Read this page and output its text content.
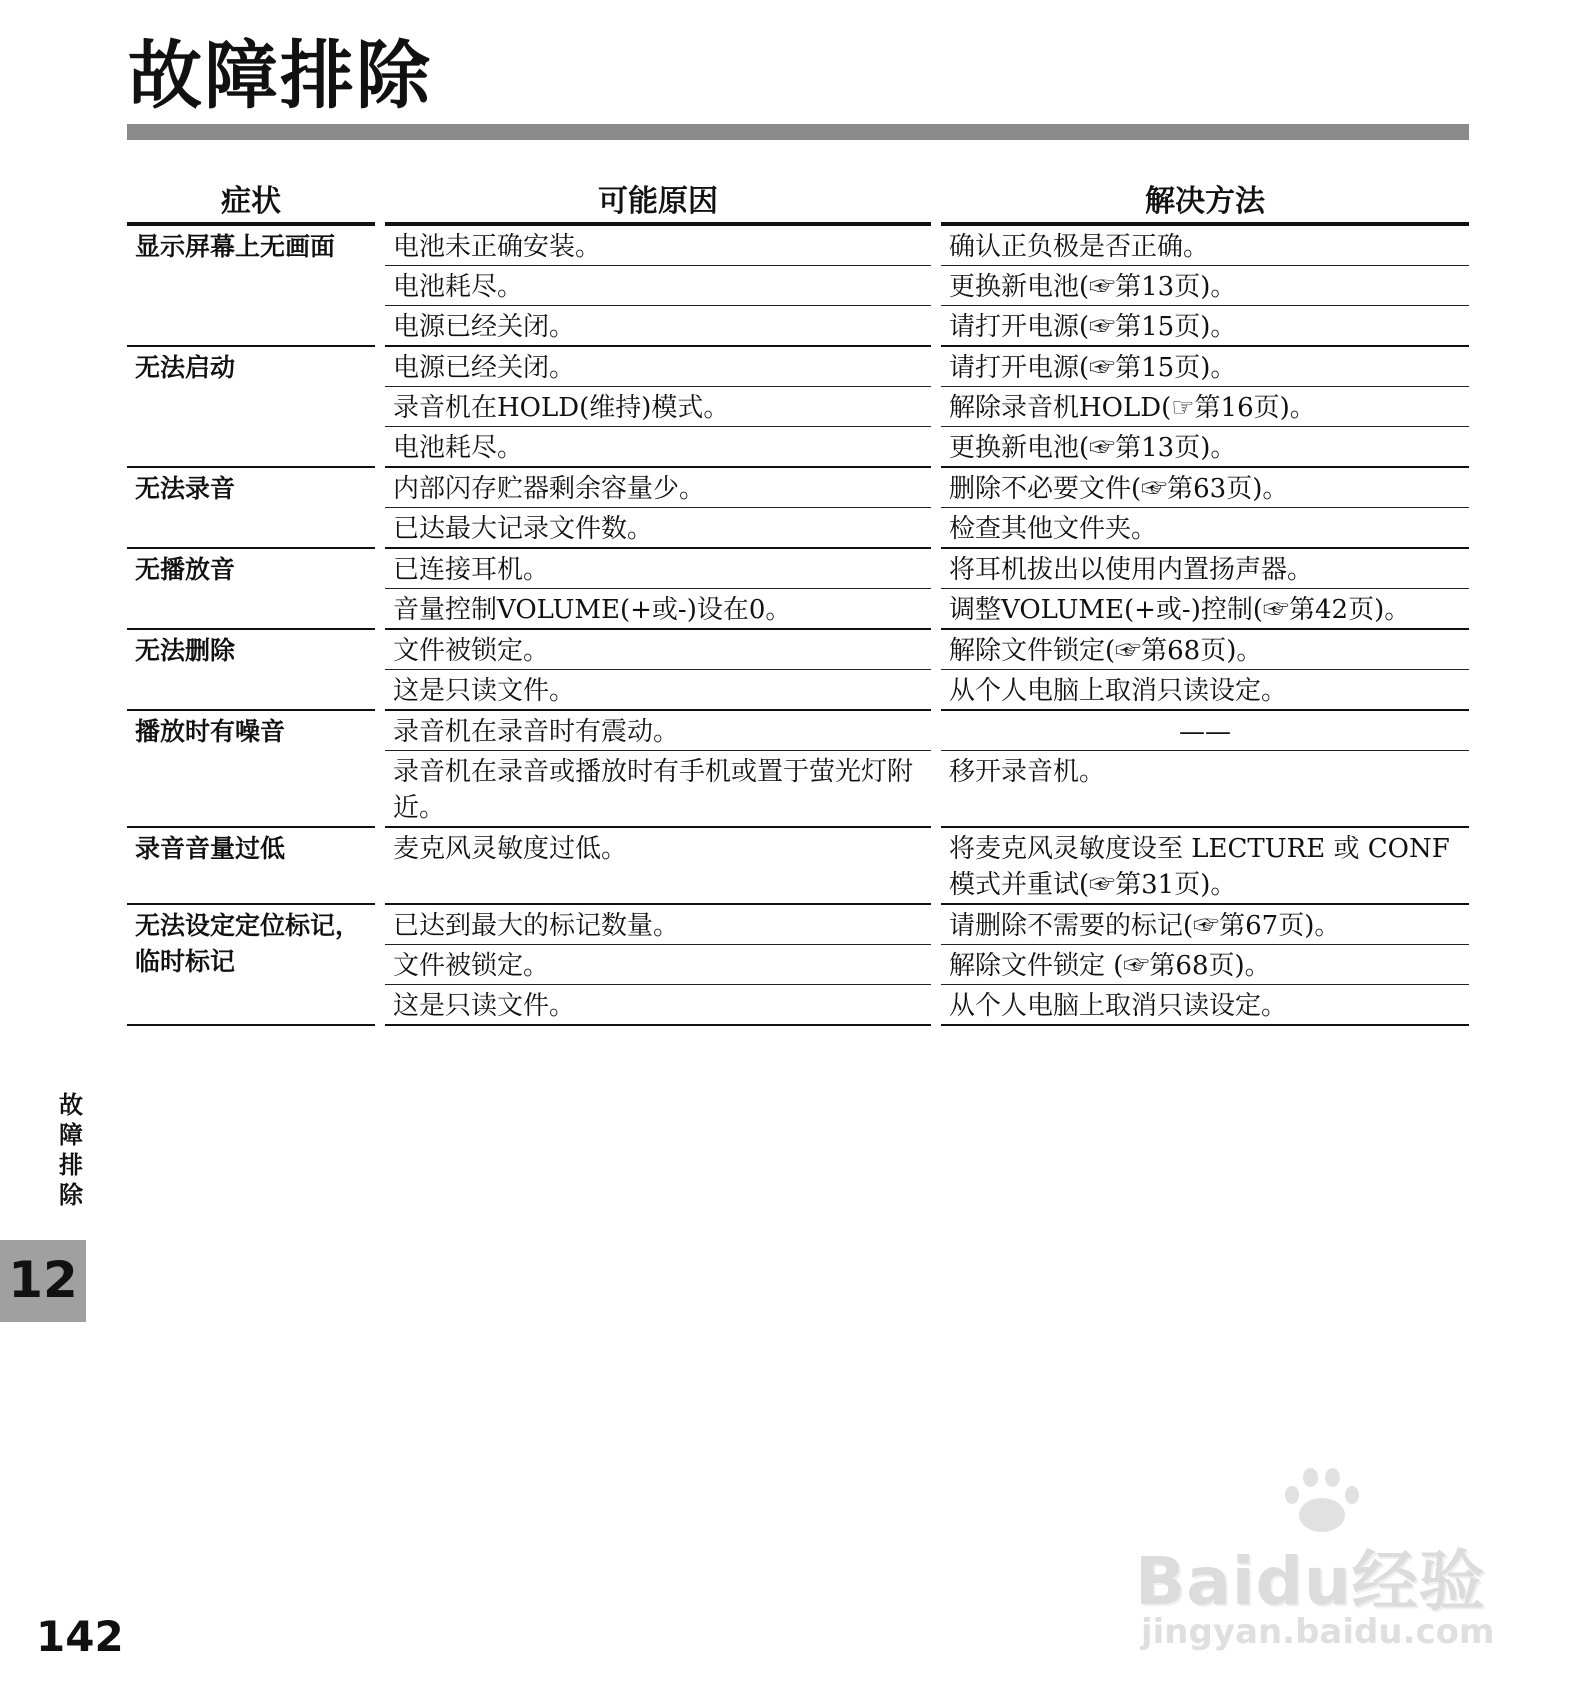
故障排除
症状		可能原因		解决方法
显示屏幕上无画面		电池未正确安装。		确认正负极是否正确。
		电池耗尽。		更换新电池(☞第13页)。
		电源已经关闭。		请打开电源(☞第15页)。
无法启动		电源已经关闭。		请打开电源(☞第15页)。
		录音机在HOLD(维持)模式。		解除录音机HOLD(☞第16页)。
		电池耗尽。		更换新电池(☞第13页)。
无法录音		内部闪存贮器剩余容量少。		删除不必要文件(☞第63页)。
		已达最大记录文件数。		检查其他文件夹。
无播放音		已连接耳机。		将耳机拔出以使用内置扬声器。
		音量控制VOLUME(+或-)设在0。		调整VOLUME(+或-)控制(☞第42页)。
无法删除		文件被锁定。		解除文件锁定(☞第68页)。
		这是只读文件。		从个人电脑上取消只读设定。
播放时有噪音		录音机在录音时有震动。		——
		录音机在录音或播放时有手机或置于萤光灯附近。		移开录音机。
录音音量过低		麦克风灵敏度过低。		将麦克风灵敏度设至 LECTURE 或 CONF 模式并重试(☞第31页)。
无法设定定位标记，临时标记		已达到最大的标记数量。		请删除不需要的标记(☞第67页)。
		文件被锁定。		解除文件锁定 (☞第68页)。
		这是只读文件。		从个人电脑上取消只读设定。
故
障
排
除
12

142

Baidu经验
jingyan.baidu.com
